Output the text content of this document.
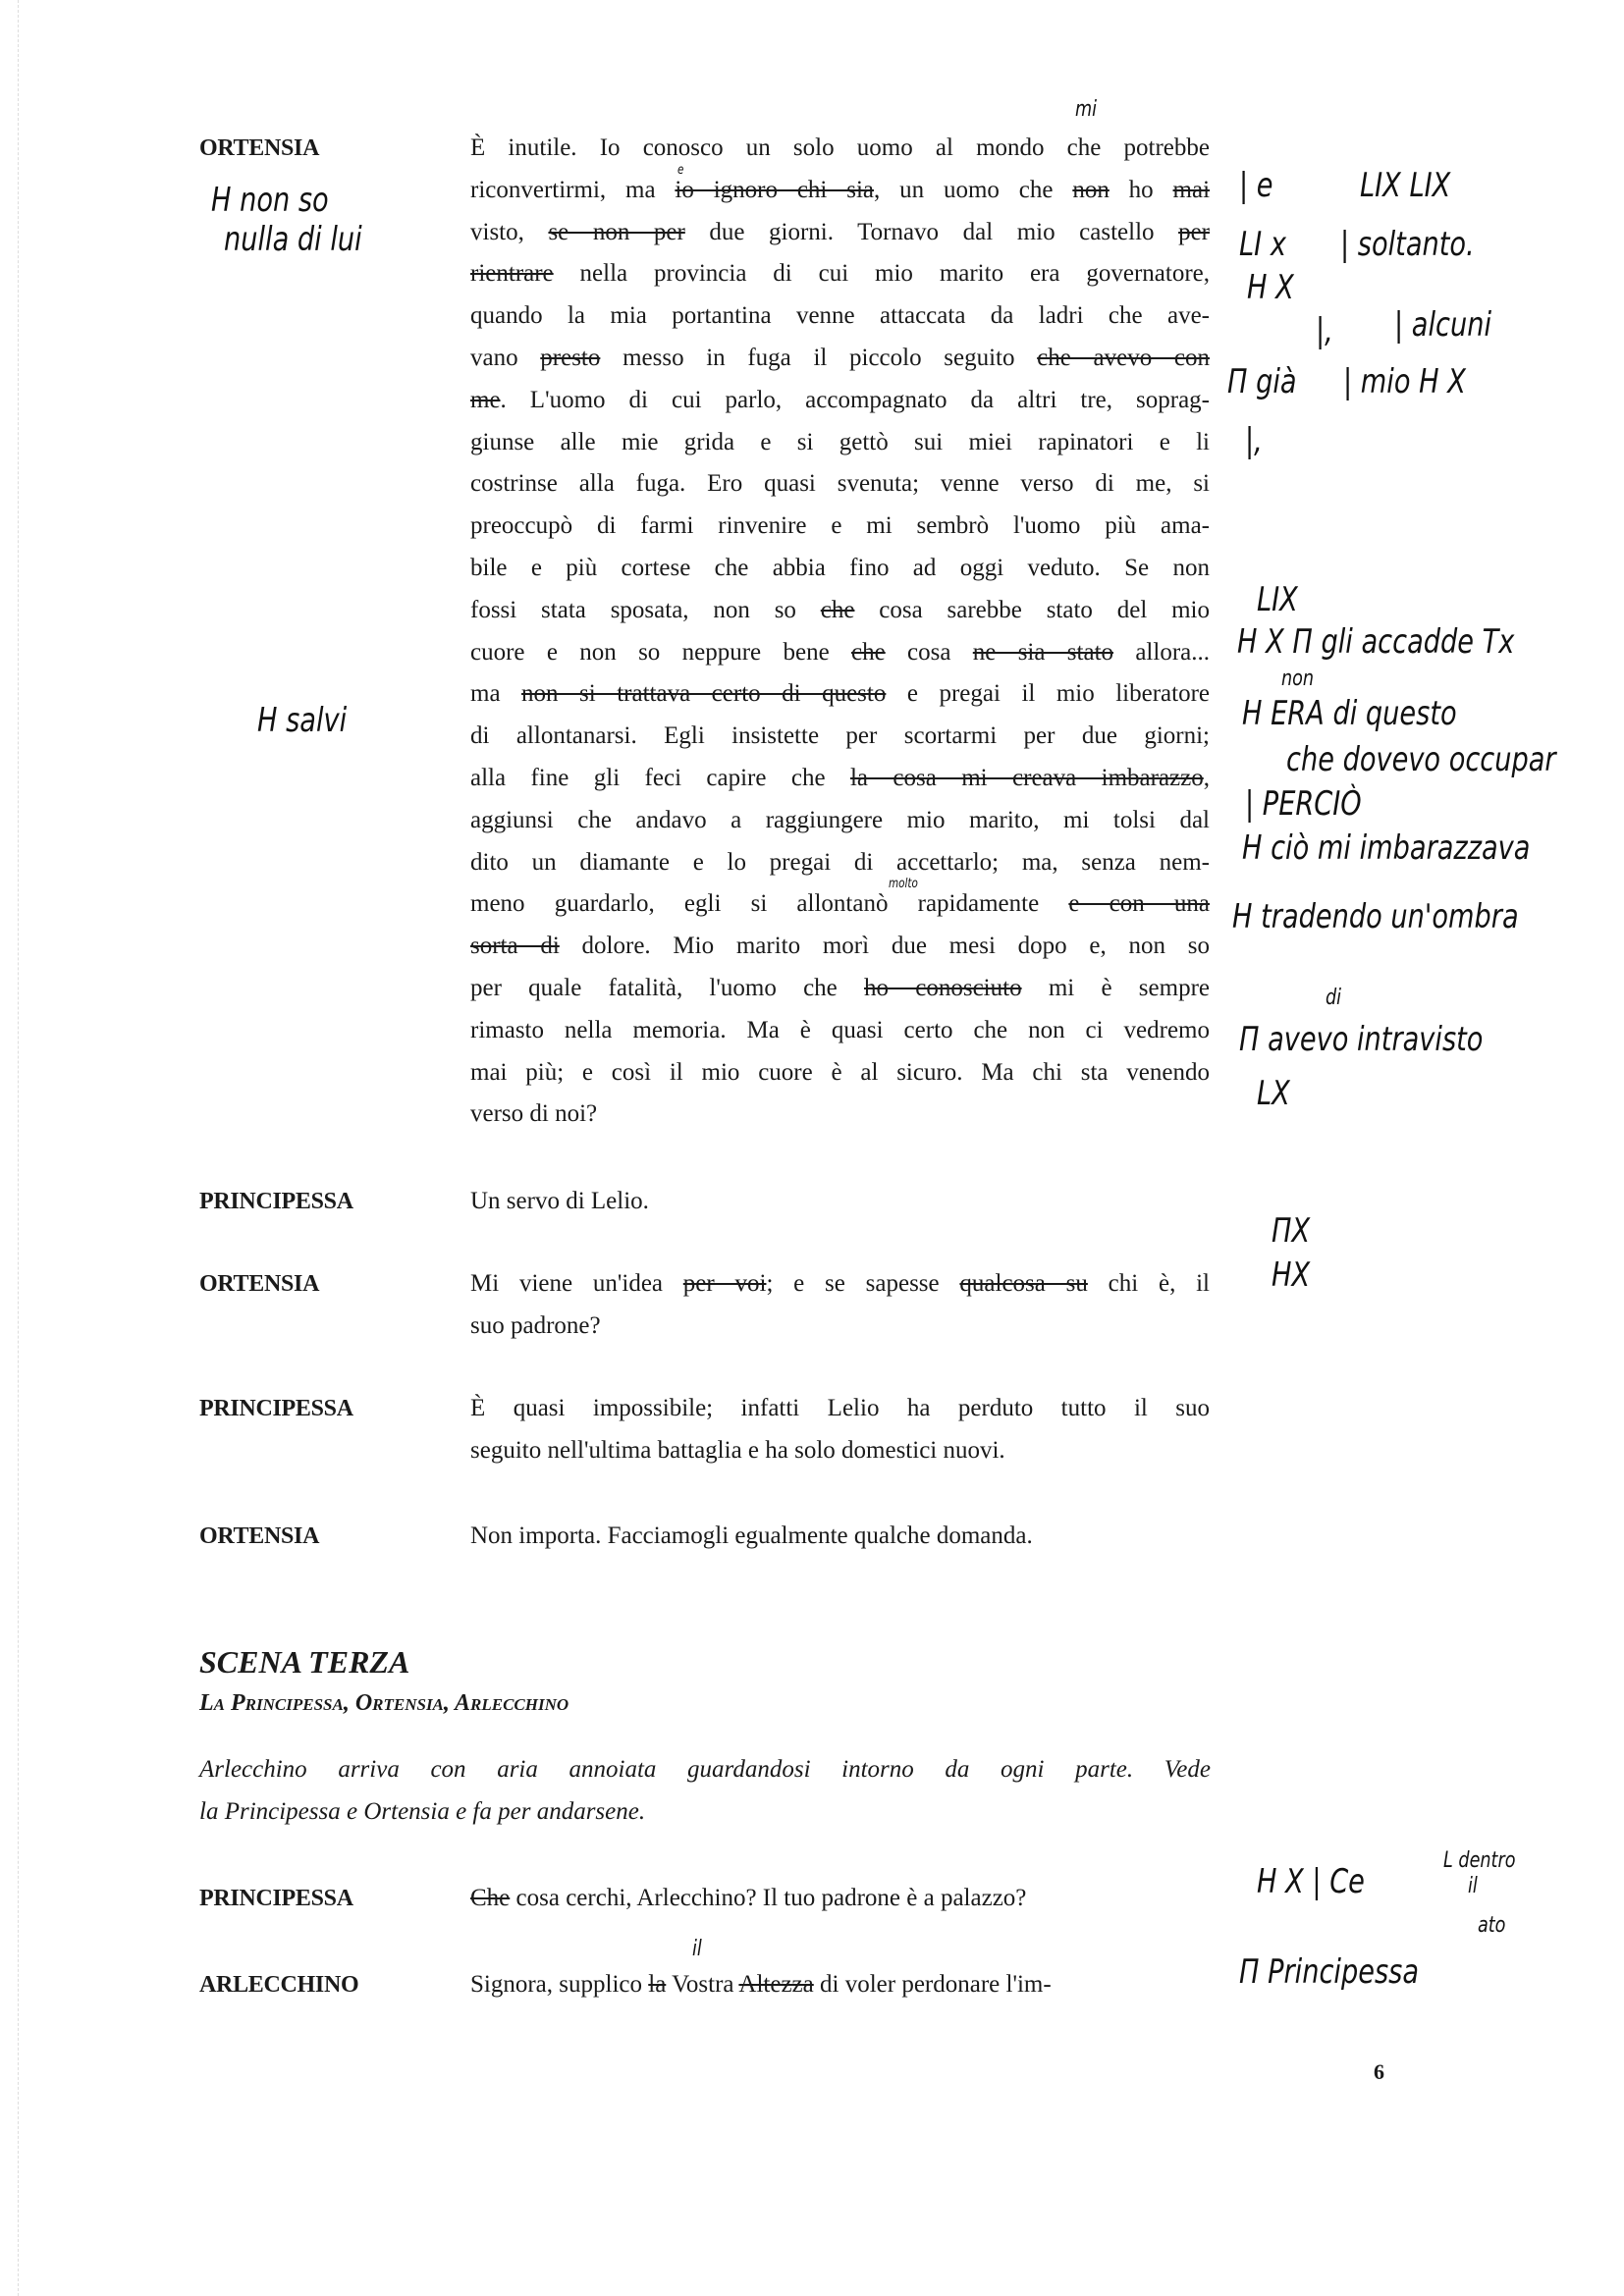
ORTENSIA	È inutile. Io conosco un solo uomo al mondo che potrebbe
riconvertirmi, ma io ignoro chi sia, un uomo che non ho mai
visto, se non per due giorni. Tornavo dal mio castello per
rientrare nella provincia di cui mio marito era governatore,
quando la mia portantina venne attaccata da ladri che ave-
vano presto messo in fuga il piccolo seguito che avevo con
me. L'uomo di cui parlo, accompagnato da altri tre, soprag-
giunse alle mie grida e si gettò sui miei rapinatori e li
costrinse alla fuga. Ero quasi svenuta; venne verso di me, si
preoccupò di farmi rinvenire e mi sembrò l'uomo più ama-
bile e più cortese che abbia fino ad oggi veduto. Se non
fossi stata sposata, non so che cosa sarebbe stato del mio
cuore e non so neppure bene che cosa ne sia stato allora...
ma non si trattava certo di questo e pregai il mio liberatore
di allontanarsi. Egli insistette per scortarmi per due giorni;
alla fine gli feci capire che la cosa mi creava imbarazzo,
aggiunsi che andavo a raggiungere mio marito, mi tolsi dal
dito un diamante e lo pregai di accettarlo; ma, senza nem-
meno guardarlo, egli si allontanò rapidamente e con una
sorta di dolore. Mio marito morì due mesi dopo e, non so
per quale fatalità, l'uomo che ho conosciuto mi è sempre
rimasto nella memoria. Ma è quasi certo che non ci vedremo
mai più; e così il mio cuore è al sicuro. Ma chi sta venendo
verso di noi?
PRINCIPESSA	Un servo di Lelio.
ORTENSIA	Mi viene un'idea per voi; e se sapesse qualcosa su chi è, il
suo padrone?
PRINCIPESSA	È quasi impossibile; infatti Lelio ha perduto tutto il suo
seguito nell'ultima battaglia e ha solo domestici nuovi.
ORTENSIA	Non importa. Facciamogli egualmente qualche domanda.
PRINCIPESSA	Che cosa cerchi, Arlecchino? Il tuo padrone è a palazzo?
ARLECCHINO	Signora, supplico la Vostra Altezza di voler perdonare l'im-
SCENA TERZA
La Principessa, Ortensia, Arlecchino
Arlecchino arriva con aria annoiata guardandosi intorno da ogni parte. Vede
la Principessa e Ortensia e fa per andarsene.
6
mi
e
H non so
nulla di lui
H salvi
| e	LIX LIX
LI x | soltanto.
H X
|, | alcuni
Π già | mio H X
|,
molto
LIX
H X Π gli accadde Tx
non
H ERA di questo
che dovevo occupar
| PERCIÒ
H ciò mi imbarazzava
H tradendo un'ombra
di
Π avevo intravisto
LX
ΠX
HX
il
H X | Ce
L dentro
il
ato
Π Principessa
